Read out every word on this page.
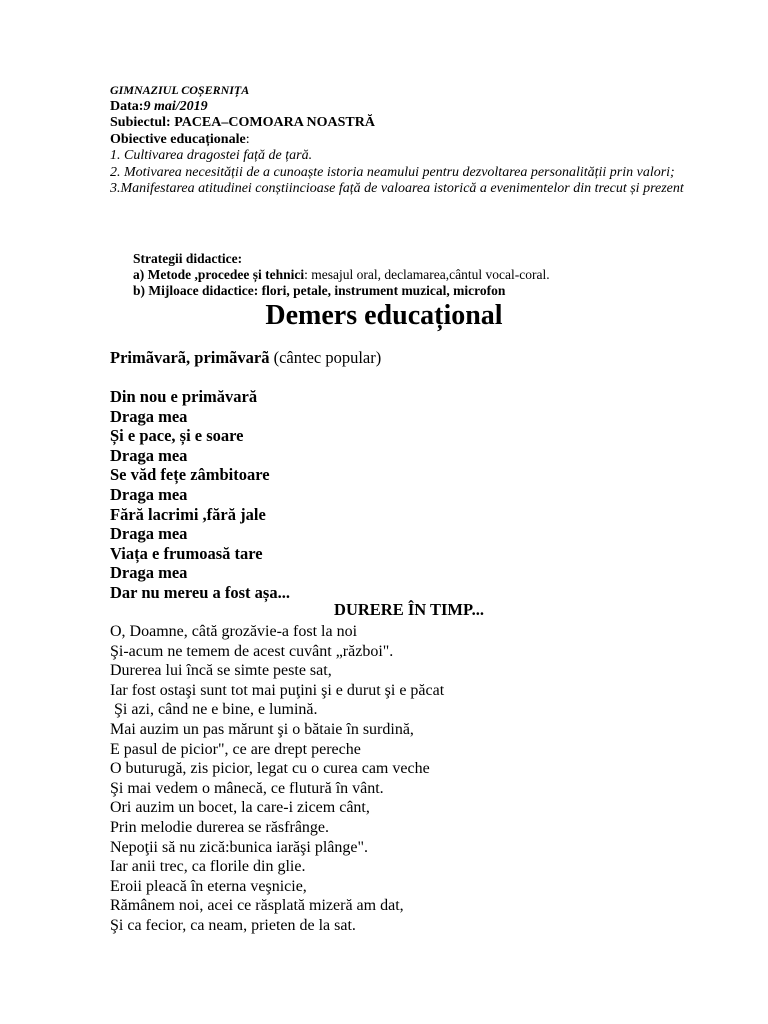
GIMNAZIUL COȘERNIȚA
Data:9 mai/2019
Subiectul: PACEA–COMOARA NOASTRĂ
Obiective educaționale:
1. Cultivarea dragostei față de țară.
2. Motivarea necesității de a cunoaște istoria neamului pentru dezvoltarea personalității prin valori;
3.Manifestarea atitudinei conștiincioase față de valoarea istorică a evenimentelor din trecut și prezent
Strategii didactice:
a) Metode ,procedee și tehnici: mesajul oral, declamarea,cântul vocal-coral.
b) Mijloace didactice: flori, petale, instrument muzical, microfon
Demers educațional
Primãvarã, primãvarã (cântec popular)
Din nou e primăvară
Draga mea
Și e pace, și e soare
Draga mea
Se văd fețe zâmbitoare
Draga mea
Fără lacrimi ,fără jale
Draga mea
Viața e frumoasă tare
Draga mea
Dar nu mereu a fost așa...
DURERE ÎN TIMP...
O, Doamne, câtă grozăvie-a fost la noi
Şi-acum ne temem de acest cuvânt „război".
Durerea lui încă se simte peste sat,
Iar fost ostaşi sunt tot mai puţini şi e durut şi e păcat
Şi azi, când ne e bine, e lumină.
Mai auzim un pas mărunt şi o bătaie în surdină,
E pasul de picior", ce are drept pereche
O buturugă, zis picior, legat cu o curea cam veche
Şi mai vedem o mânecă, ce flutură în vânt.
Ori auzim un bocet, la care-i zicem cânt,
Prin melodie durerea se răsfrânge.
Nepoţii să nu zică:bunica iarăşi plânge".
Iar anii trec, ca florile din glie.
Eroii pleacă în eterna veşnicie,
Rămânem noi, acei ce răsplată mizeră am dat,
Şi ca fecior, ca neam, prieten de la sat.
